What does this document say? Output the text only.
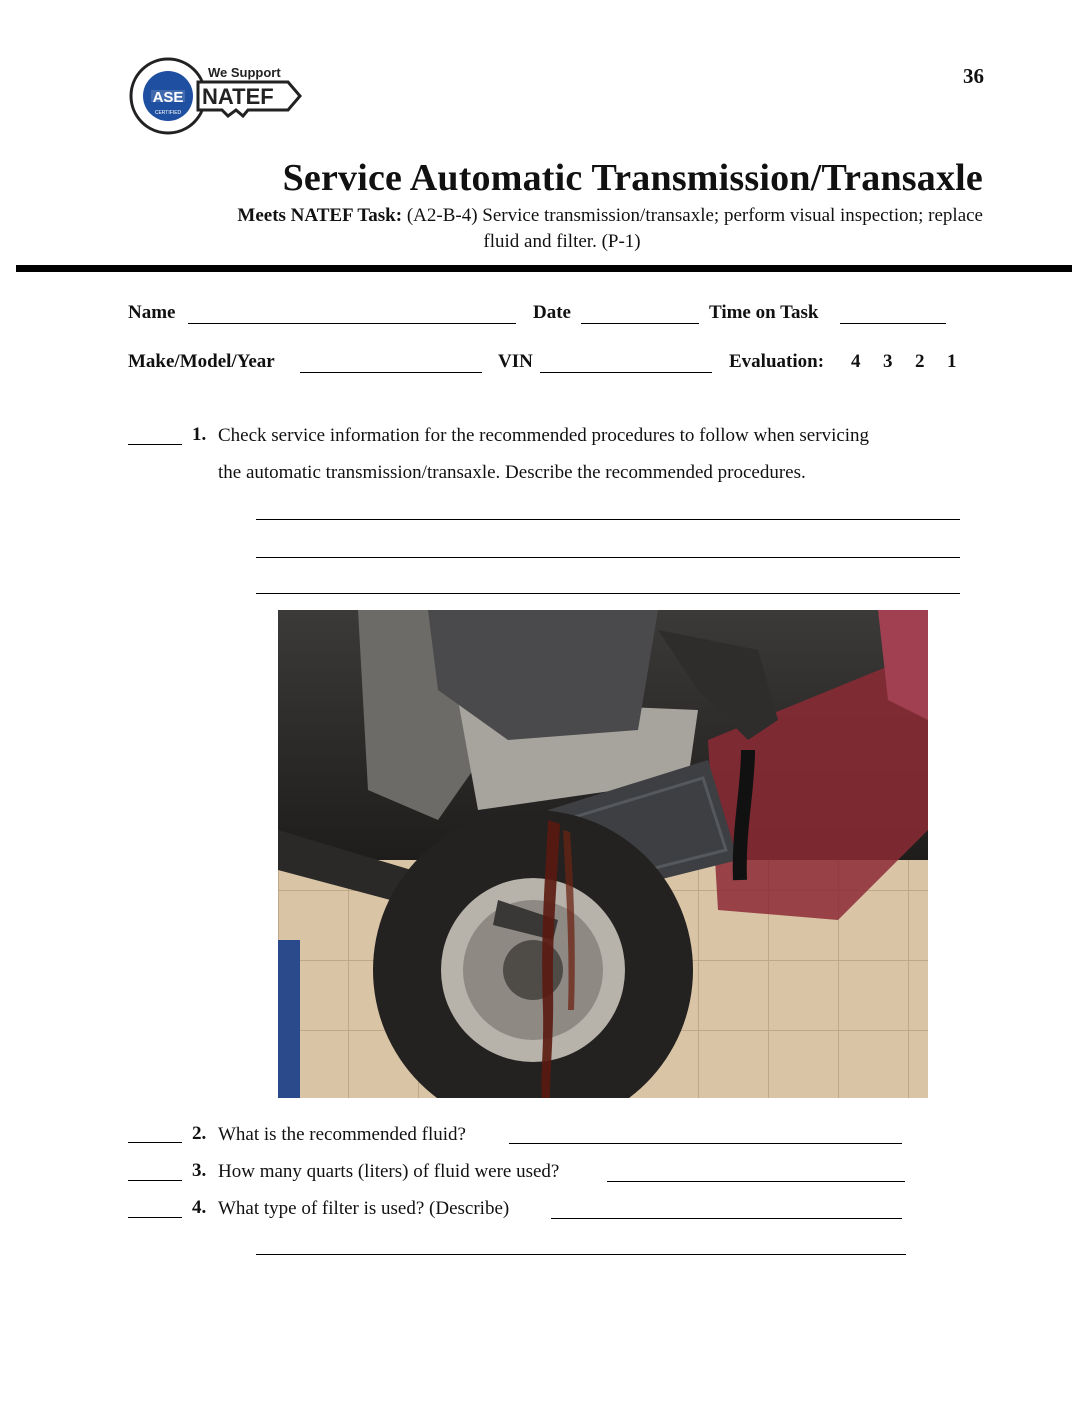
ASE
CERTIFIED
We Support
NATEF
36
Service Automatic Transmission/Transaxle
Meets NATEF Task: (A2-B-4) Service transmission/transaxle; perform visual inspection; replace
fluid and filter. (P-1)
Name	Date	Time on Task
Make/Model/Year	VIN	Evaluation: 4 3 2 1
1. Check service information for the recommended procedures to follow when servicing
the automatic transmission/transaxle. Describe the recommended procedures.
2. What is the recommended fluid?
3. How many quarts (liters) of fluid were used?
4. What type of filter is used? (Describe)
